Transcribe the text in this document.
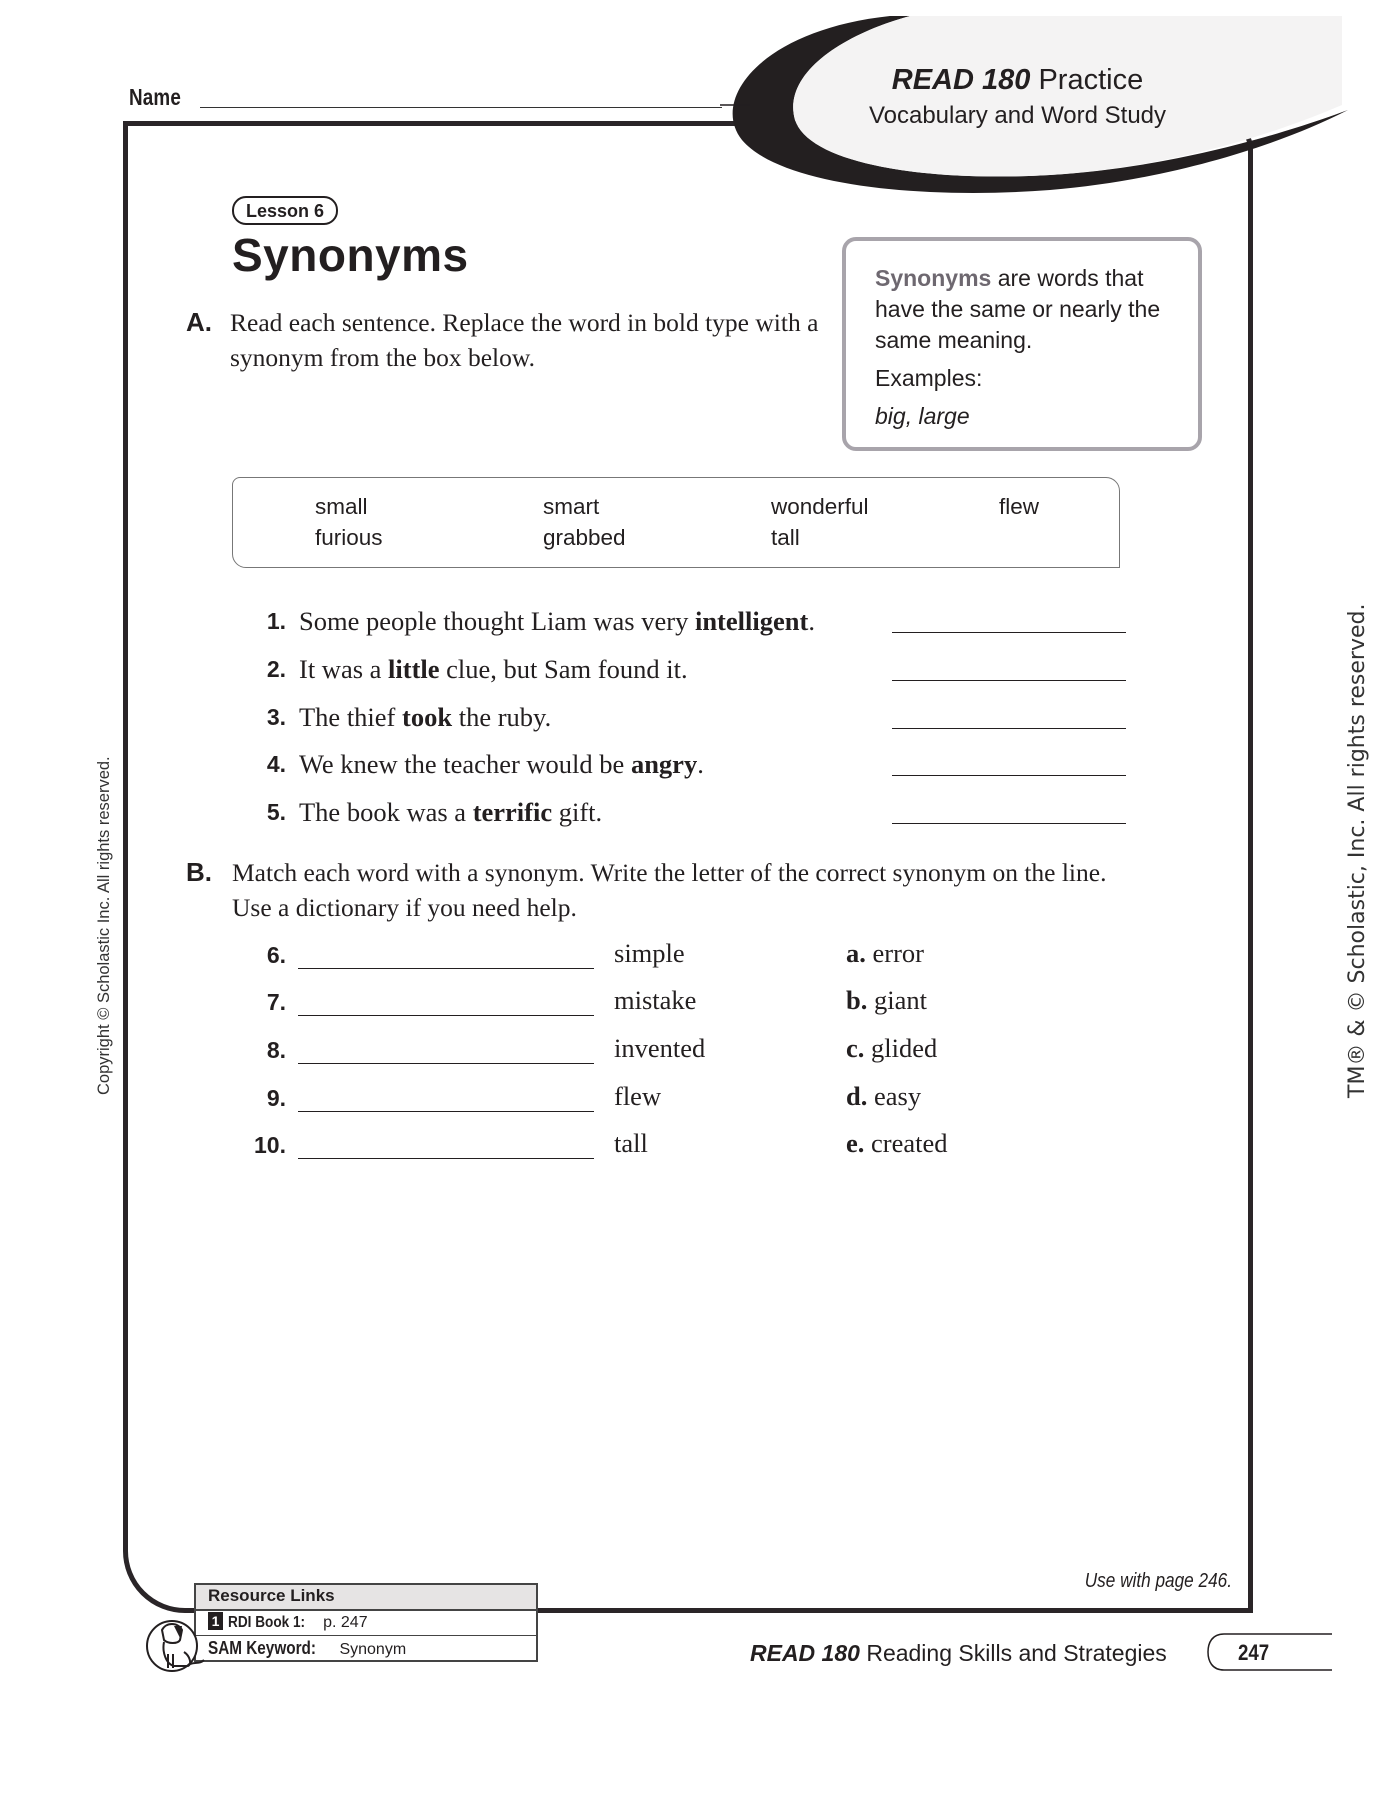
Name
READ 180 Practice
Vocabulary and Word Study
Lesson 6
Synonyms
A. Read each sentence. Replace the word in bold type with a synonym from the box below.

Synonyms are words that have the same or nearly the same meaning.

Examples:

big, large

small	smart	wonderful	flew
furious	grabbed	tall
1. Some people thought Liam was very intelligent.
2. It was a little clue, but Sam found it.
3. The thief took the ruby.
4. We knew the teacher would be angry.
5. The book was a terrific gift.
B. Match each word with a synonym. Write the letter of the correct synonym on the line. Use a dictionary if you need help.
6.	simple	a. error
7.	mistake	b. giant
8.	invented	c. glided
9.	flew	d. easy
10.	tall	e. created
Use with page 246.
Resource Links
1 RDI Book 1: p. 247
SAM Keyword: Synonym	READ 180 Reading Skills and Strategies	247
Copyright © Scholastic Inc. All rights reserved.	TM® & © Scholastic, Inc. All rights reserved.
